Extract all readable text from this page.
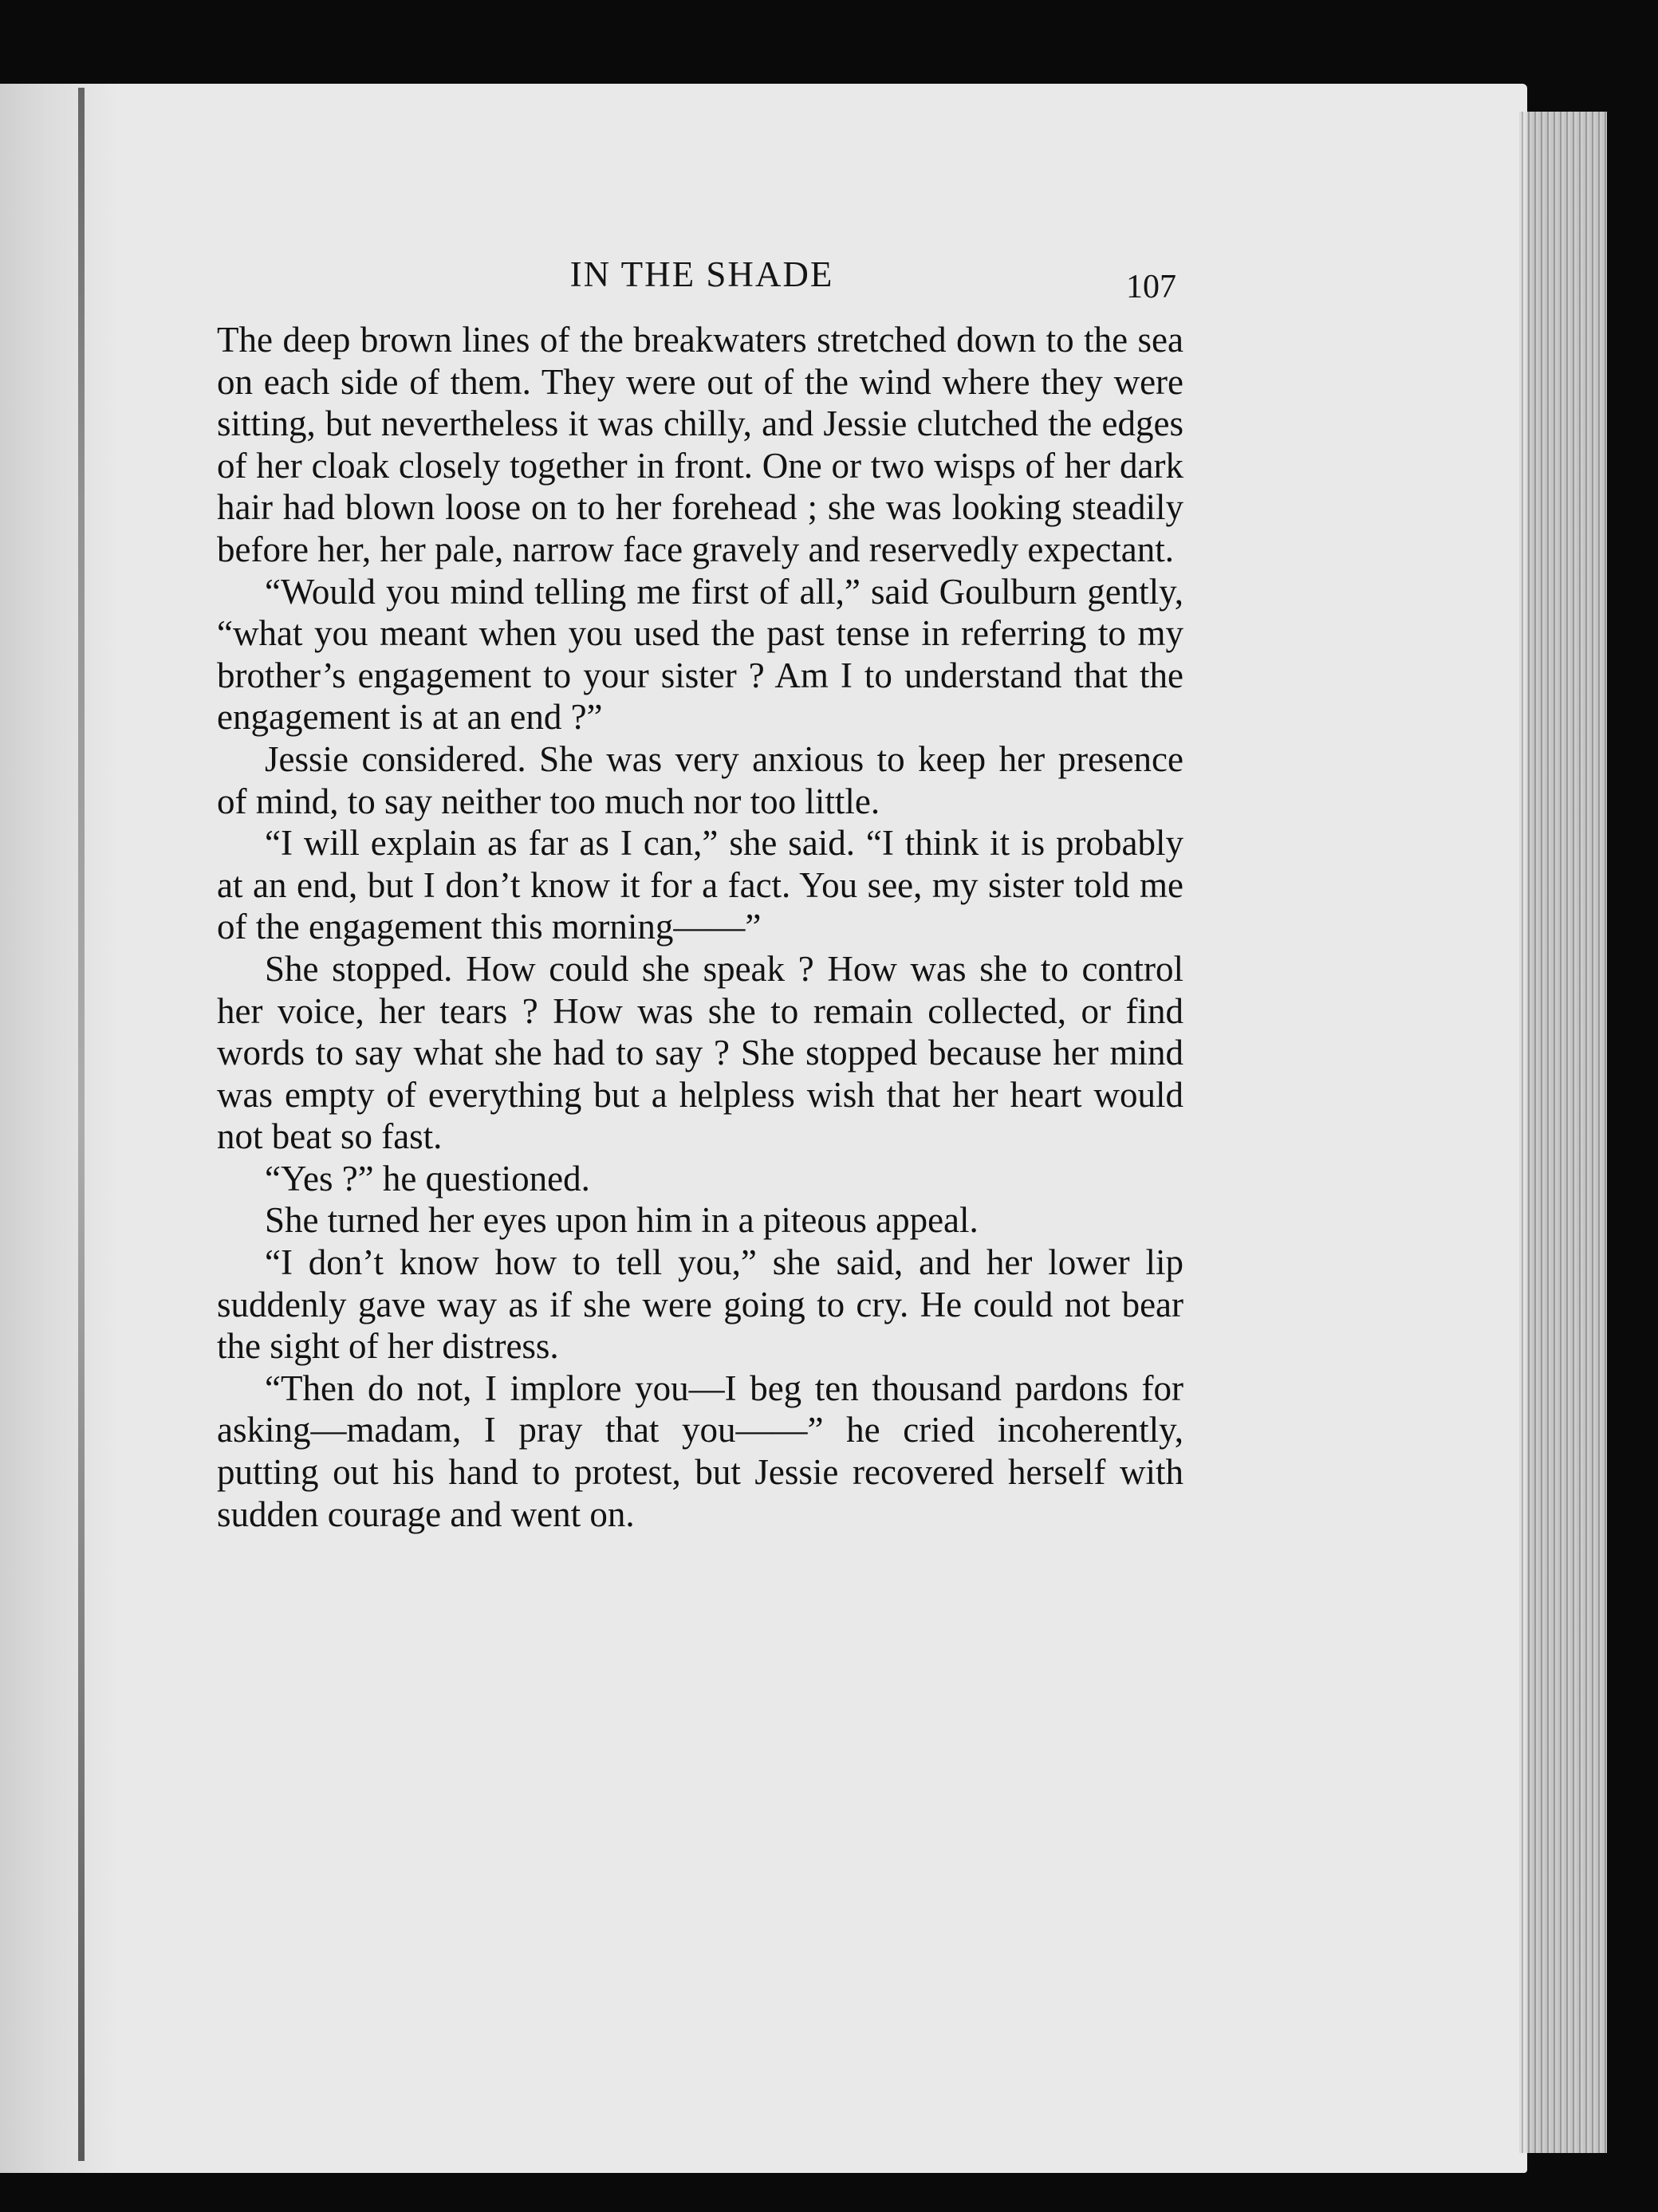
IN THE SHADE	107

The deep brown lines of the breakwaters stretched down to the sea on each side of them. They were out of the wind where they were sitting, but nevertheless it was chilly, and Jessie clutched the edges of her cloak closely together in front. One or two wisps of her dark hair had blown loose on to her forehead ; she was looking steadily before her, her pale, narrow face gravely and reservedly expectant.

“Would you mind telling me first of all,” said Goulburn gently, “what you meant when you used the past tense in referring to my brother’s engagement to your sister ? Am I to understand that the engagement is at an end ?”

Jessie considered. She was very anxious to keep her presence of mind, to say neither too much nor too little.

“I will explain as far as I can,” she said. “I think it is probably at an end, but I don’t know it for a fact. You see, my sister told me of the engagement this morning——”

She stopped. How could she speak ? How was she to control her voice, her tears ? How was she to remain collected, or find words to say what she had to say ? She stopped because her mind was empty of everything but a helpless wish that her heart would not beat so fast.

“Yes ?” he questioned.

She turned her eyes upon him in a piteous appeal.

“I don’t know how to tell you,” she said, and her lower lip suddenly gave way as if she were going to cry. He could not bear the sight of her distress.

“Then do not, I implore you—I beg ten thousand pardons for asking—madam, I pray that you——” he cried incoherently, putting out his hand to protest, but Jessie recovered herself with sudden courage and went on.
